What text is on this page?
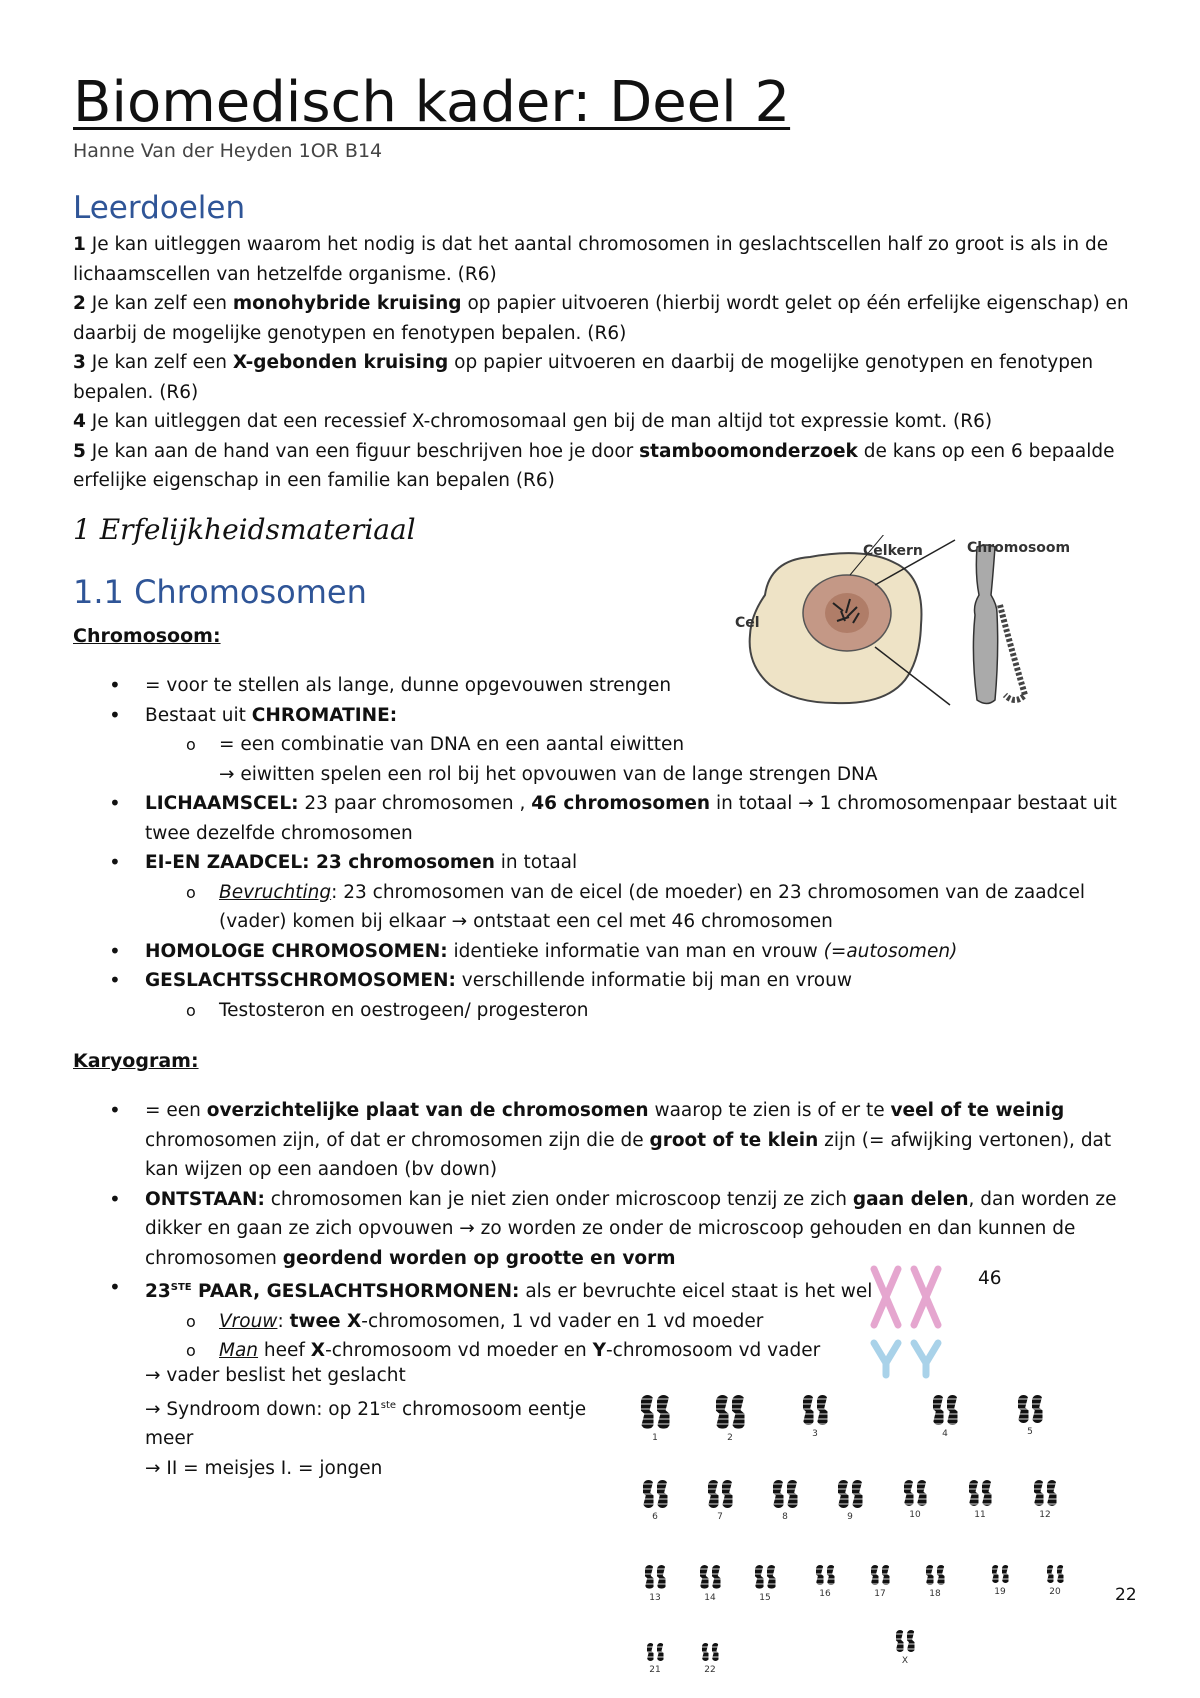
Biomedisch kader: Deel 2
Hanne Van der Heyden 1OR B14
Leerdoelen

1 Je kan uitleggen waarom het nodig is dat het aantal chromosomen in geslachtscellen half zo groot is als in de lichaamscellen van hetzelfde organisme. (R6)

2 Je kan zelf een monohybride kruising op papier uitvoeren (hierbij wordt gelet op één erfelijke eigenschap) en daarbij de mogelijke genotypen en fenotypen bepalen. (R6)

3 Je kan zelf een X-gebonden kruising op papier uitvoeren en daarbij de mogelijke genotypen en fenotypen bepalen. (R6)

4 Je kan uitleggen dat een recessief X-chromosomaal gen bij de man altijd tot expressie komt. (R6)

5 Je kan aan de hand van een figuur beschrijven hoe je door stamboomonderzoek de kans op een 6 bepaalde erfelijke eigenschap in een familie kan bepalen (R6)

1 Erfelijkheidsmateriaal
1.1 Chromosomen
Cel
Celkern	Chromosoom
Chromosoom:
• = voor te stellen als lange, dunne opgevouwen strengen
• Bestaat uit CHROMATINE:
o = een combinatie van DNA en een aantal eiwitten
→ eiwitten spelen een rol bij het opvouwen van de lange strengen DNA
• LICHAAMSCEL: 23 paar chromosomen , 46 chromosomen in totaal → 1 chromosomenpaar bestaat uit twee dezelfde chromosomen
• EI-EN ZAADCEL: 23 chromosomen in totaal
o Bevruchting: 23 chromosomen van de eicel (de moeder) en 23 chromosomen van de zaadcel (vader) komen bij elkaar → ontstaat een cel met 46 chromosomen
• HOMOLOGE CHROMOSOMEN: identieke informatie van man en vrouw (=autosomen)
• GESLACHTSSCHROMOSOMEN: verschillende informatie bij man en vrouw
o Testosteron en oestrogeen/ progesteron
Karyogram:
• = een overzichtelijke plaat van de chromosomen waarop te zien is of er te veel of te weinig chromosomen zijn, of dat er chromosomen zijn die de groot of te klein zijn (= afwijking vertonen), dat kan wijzen op een aandoen (bv down)
• ONTSTAAN: chromosomen kan je niet zien onder microscoop tenzij ze zich gaan delen, dan worden ze dikker en gaan ze zich opvouwen → zo worden ze onder de microscoop gehouden en dan kunnen de chromosomen geordend worden op grootte en vorm
• 23STE PAAR, GESLACHTSHORMONEN: als er bevruchte eicel staat is het wel
o Vrouw: twee X-chromosomen, 1 vd vader en 1 vd moeder
o Man heef X-chromosoom vd moeder en Y-chromosoom vd vader
46

→ vader beslist het geslacht

→ Syndroom down: op 21ste chromosoom eentje meer

→ II = meisjes I. = jongen

1	2	3	4	5
6	7	8	9	10	11	12
13	14	15	16	17	18	19	20
21	22
X
22
